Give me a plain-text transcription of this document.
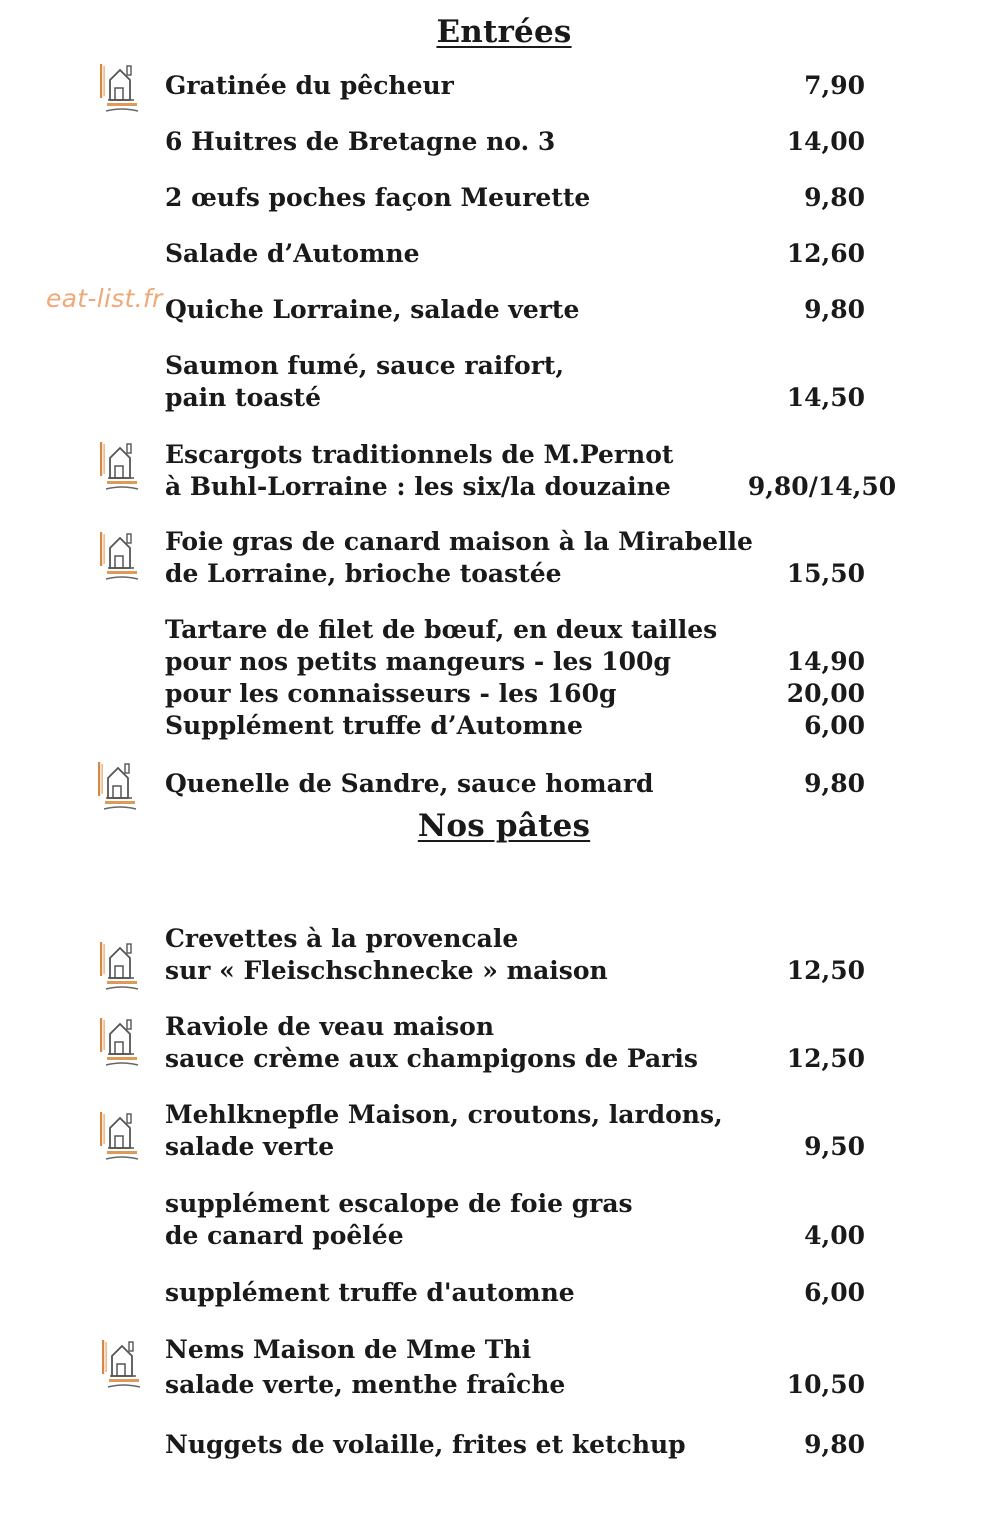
eat-list.fr
Entrées
Gratinée du pêcheur	7,90
6 Huitres de Bretagne no. 3	14,00
2 œufs poches façon Meurette	9,80
Salade d’Automne	12,60
Quiche Lorraine, salade verte	9,80
Saumon fumé, sauce raifort,
pain toasté	14,50
Escargots traditionnels de M.Pernot
à Buhl-Lorraine : les six/la douzaine	9,80/14,50
Foie gras de canard maison à la Mirabelle
de Lorraine, brioche toastée	15,50
Tartare de filet de bœuf, en deux tailles
pour nos petits mangeurs - les 100g	14,90
pour les connaisseurs - les 160g	20,00
Supplément truffe d’Automne	6,00
Quenelle de Sandre, sauce homard	9,80
Nos pâtes
Crevettes à la provencale
sur « Fleischschnecke » maison	12,50
Raviole de veau maison
sauce crème aux champigons de Paris	12,50
Mehlknepfle Maison, croutons, lardons,
salade verte	9,50
supplément escalope de foie gras
de canard poêlée	4,00
supplément truffe d'automne	6,00
Nems Maison de Mme Thi
salade verte, menthe fraîche	10,50
Nuggets de volaille, frites et ketchup	9,80
